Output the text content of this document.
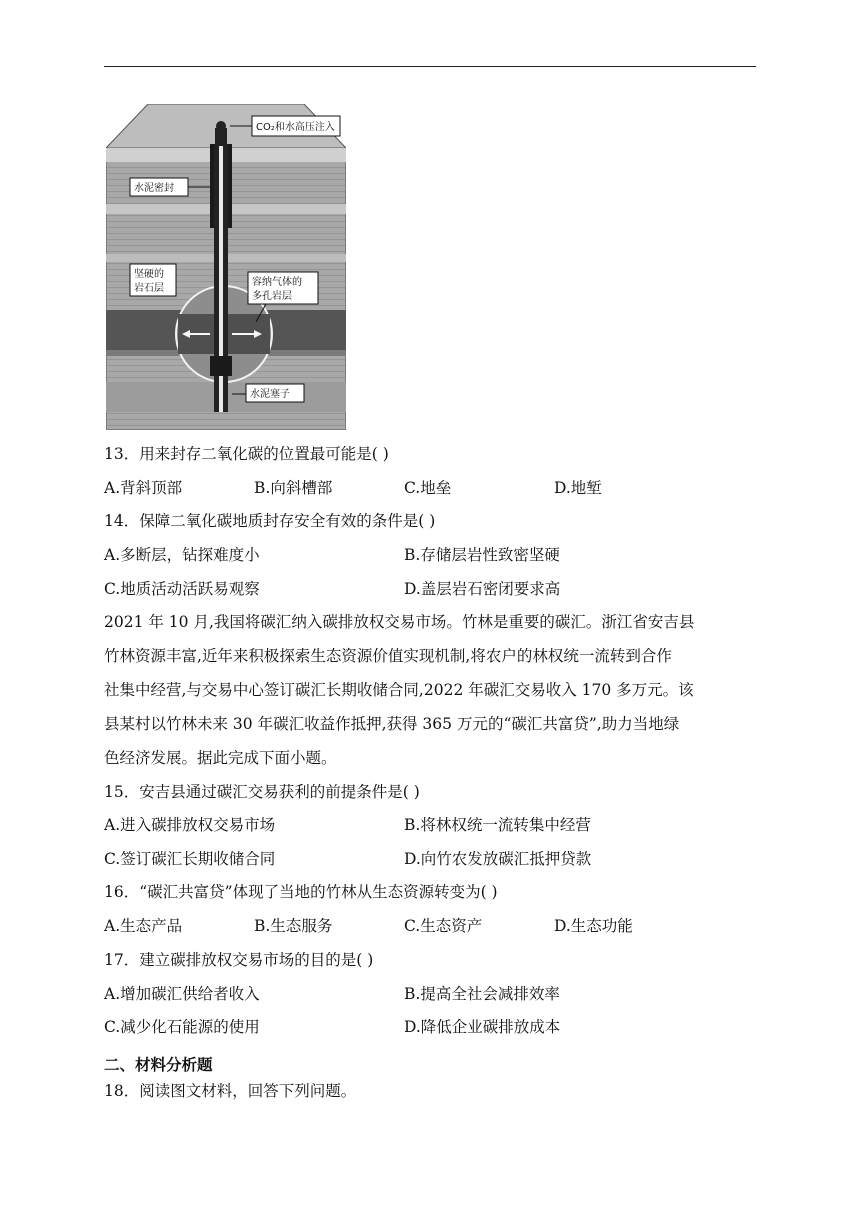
CO₂和水高压注入
水泥密封
坚硬的
岩石层
容纳气体的
多孔岩层
水泥塞子
13．用来封存二氧化碳的位置最可能是( )
A.背斜顶部	B.向斜槽部	C.地垒	D.地堑
14．保障二氧化碳地质封存安全有效的条件是( )
A.多断层，钻探难度小	B.存储层岩性致密坚硬
C.地质活动活跃易观察	D.盖层岩石密闭要求高
2021 年 10 月,我国将碳汇纳入碳排放权交易市场。竹林是重要的碳汇。浙江省安吉县
竹林资源丰富,近年来积极探索生态资源价值实现机制,将农户的林权统一流转到合作
社集中经营,与交易中心签订碳汇长期收储合同,2022 年碳汇交易收入 170 多万元。该
县某村以竹林未来 30 年碳汇收益作抵押,获得 365 万元的“碳汇共富贷”,助力当地绿
色经济发展。据此完成下面小题。
15．安吉县通过碳汇交易获利的前提条件是( )
A.进入碳排放权交易市场	B.将林权统一流转集中经营
C.签订碳汇长期收储合同	D.向竹农发放碳汇抵押贷款
16．“碳汇共富贷”体现了当地的竹林从生态资源转变为( )
A.生态产品	B.生态服务	C.生态资产	D.生态功能
17．建立碳排放权交易市场的目的是( )
A.增加碳汇供给者收入	B.提高全社会减排效率
C.减少化石能源的使用	D.降低企业碳排放成本
二、材料分析题
18．阅读图文材料，回答下列问题。
